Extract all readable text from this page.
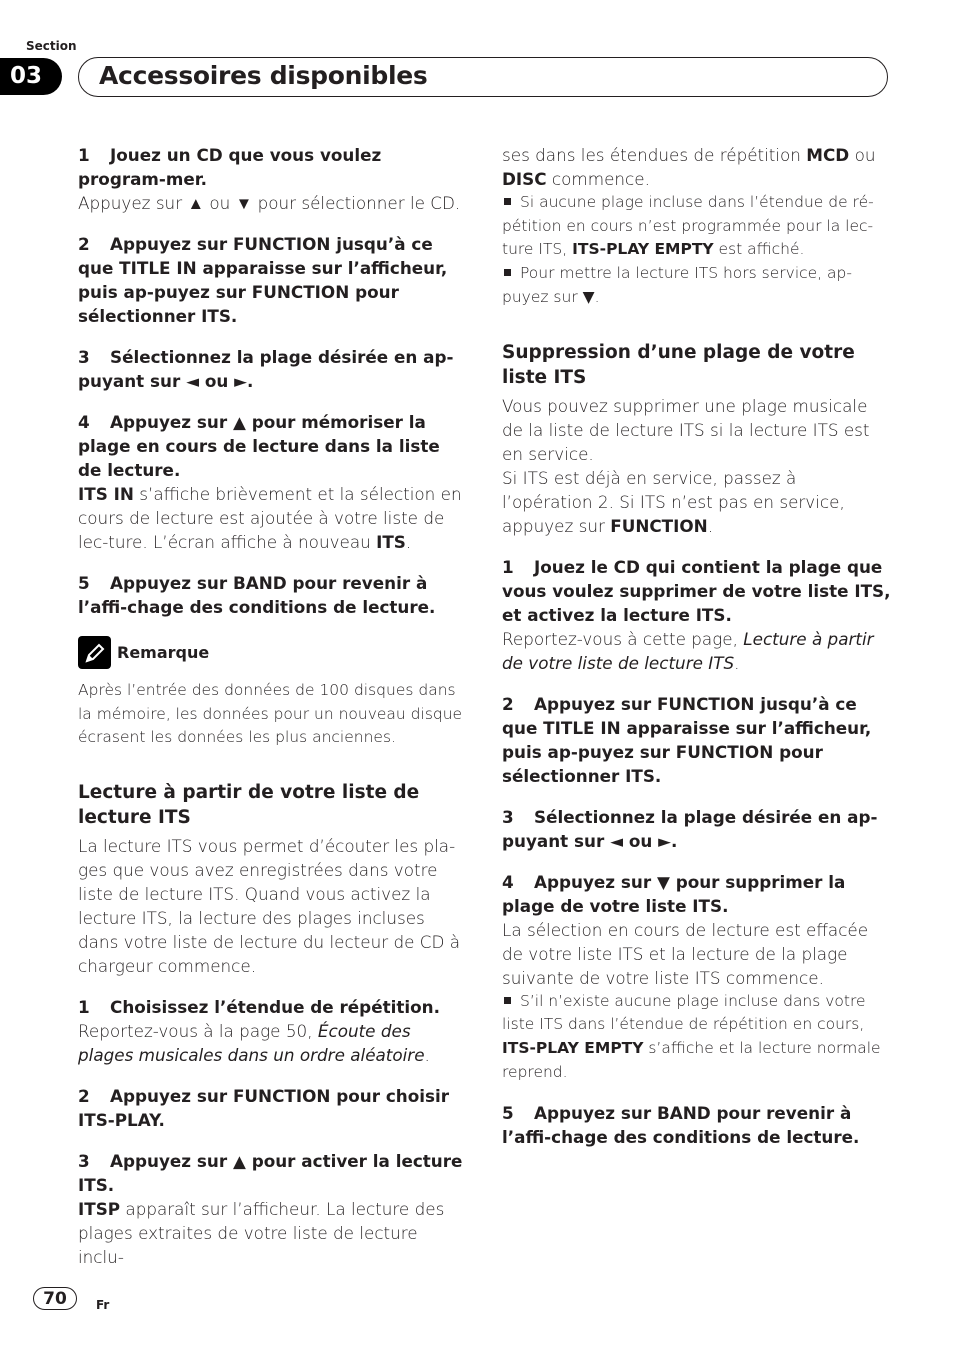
Section
03	Accessoires disponibles

1 Jouez un CD que vous voulez program-mer.

Appuyez sur ▲ ou ▼ pour sélectionner le CD.

2 Appuyez sur FUNCTION jusqu’à ce que TITLE IN apparaisse sur l’afficheur, puis ap-puyez sur FUNCTION pour sélectionner ITS.

3 Sélectionnez la plage désirée en ap-puyant sur ◄ ou ►.

4 Appuyez sur ▲ pour mémoriser la plage en cours de lecture dans la liste de lecture.

ITS IN s’affiche brièvement et la sélection en cours de lecture est ajoutée à votre liste de lec-ture. L’écran affiche à nouveau ITS.

5 Appuyez sur BAND pour revenir à l’affi-chage des conditions de lecture.

Remarque

Après l’entrée des données de 100 disques dans la mémoire, les données pour un nouveau disque écrasent les données les plus anciennes.

Lecture à partir de votre liste de lecture ITS

La lecture ITS vous permet d’écouter les pla-ges que vous avez enregistrées dans votre liste de lecture ITS. Quand vous activez la lecture ITS, la lecture des plages incluses dans votre liste de lecture du lecteur de CD à chargeur commence.

1 Choisissez l’étendue de répétition.

Reportez-vous à la page 50, Écoute des plages musicales dans un ordre aléatoire.

2 Appuyez sur FUNCTION pour choisir ITS-PLAY.

3 Appuyez sur ▲ pour activer la lecture ITS.

ITSP apparaît sur l’afficheur. La lecture des plages extraites de votre liste de lecture inclu-

ses dans les étendues de répétition MCD ou DISC commence.

Si aucune plage incluse dans l’étendue de ré-pétition en cours n’est programmée pour la lec-ture ITS, ITS-PLAY EMPTY est affiché.

Pour mettre la lecture ITS hors service, ap-puyez sur ▼.

Suppression d’une plage de votre liste ITS

Vous pouvez supprimer une plage musicale de la liste de lecture ITS si la lecture ITS est en service.

Si ITS est déjà en service, passez à l’opération 2. Si ITS n’est pas en service, appuyez sur FUNCTION.

1 Jouez le CD qui contient la plage que vous voulez supprimer de votre liste ITS, et activez la lecture ITS.

Reportez-vous à cette page, Lecture à partir de votre liste de lecture ITS.

2 Appuyez sur FUNCTION jusqu’à ce que TITLE IN apparaisse sur l’afficheur, puis ap-puyez sur FUNCTION pour sélectionner ITS.

3 Sélectionnez la plage désirée en ap-puyant sur ◄ ou ►.

4 Appuyez sur ▼ pour supprimer la plage de votre liste ITS.

La sélection en cours de lecture est effacée de votre liste ITS et la lecture de la plage suivante de votre liste ITS commence.

S’il n’existe aucune plage incluse dans votre liste ITS dans l’étendue de répétition en cours, ITS-PLAY EMPTY s’affiche et la lecture normale reprend.

5 Appuyez sur BAND pour revenir à l’affi-chage des conditions de lecture.

70	Fr
